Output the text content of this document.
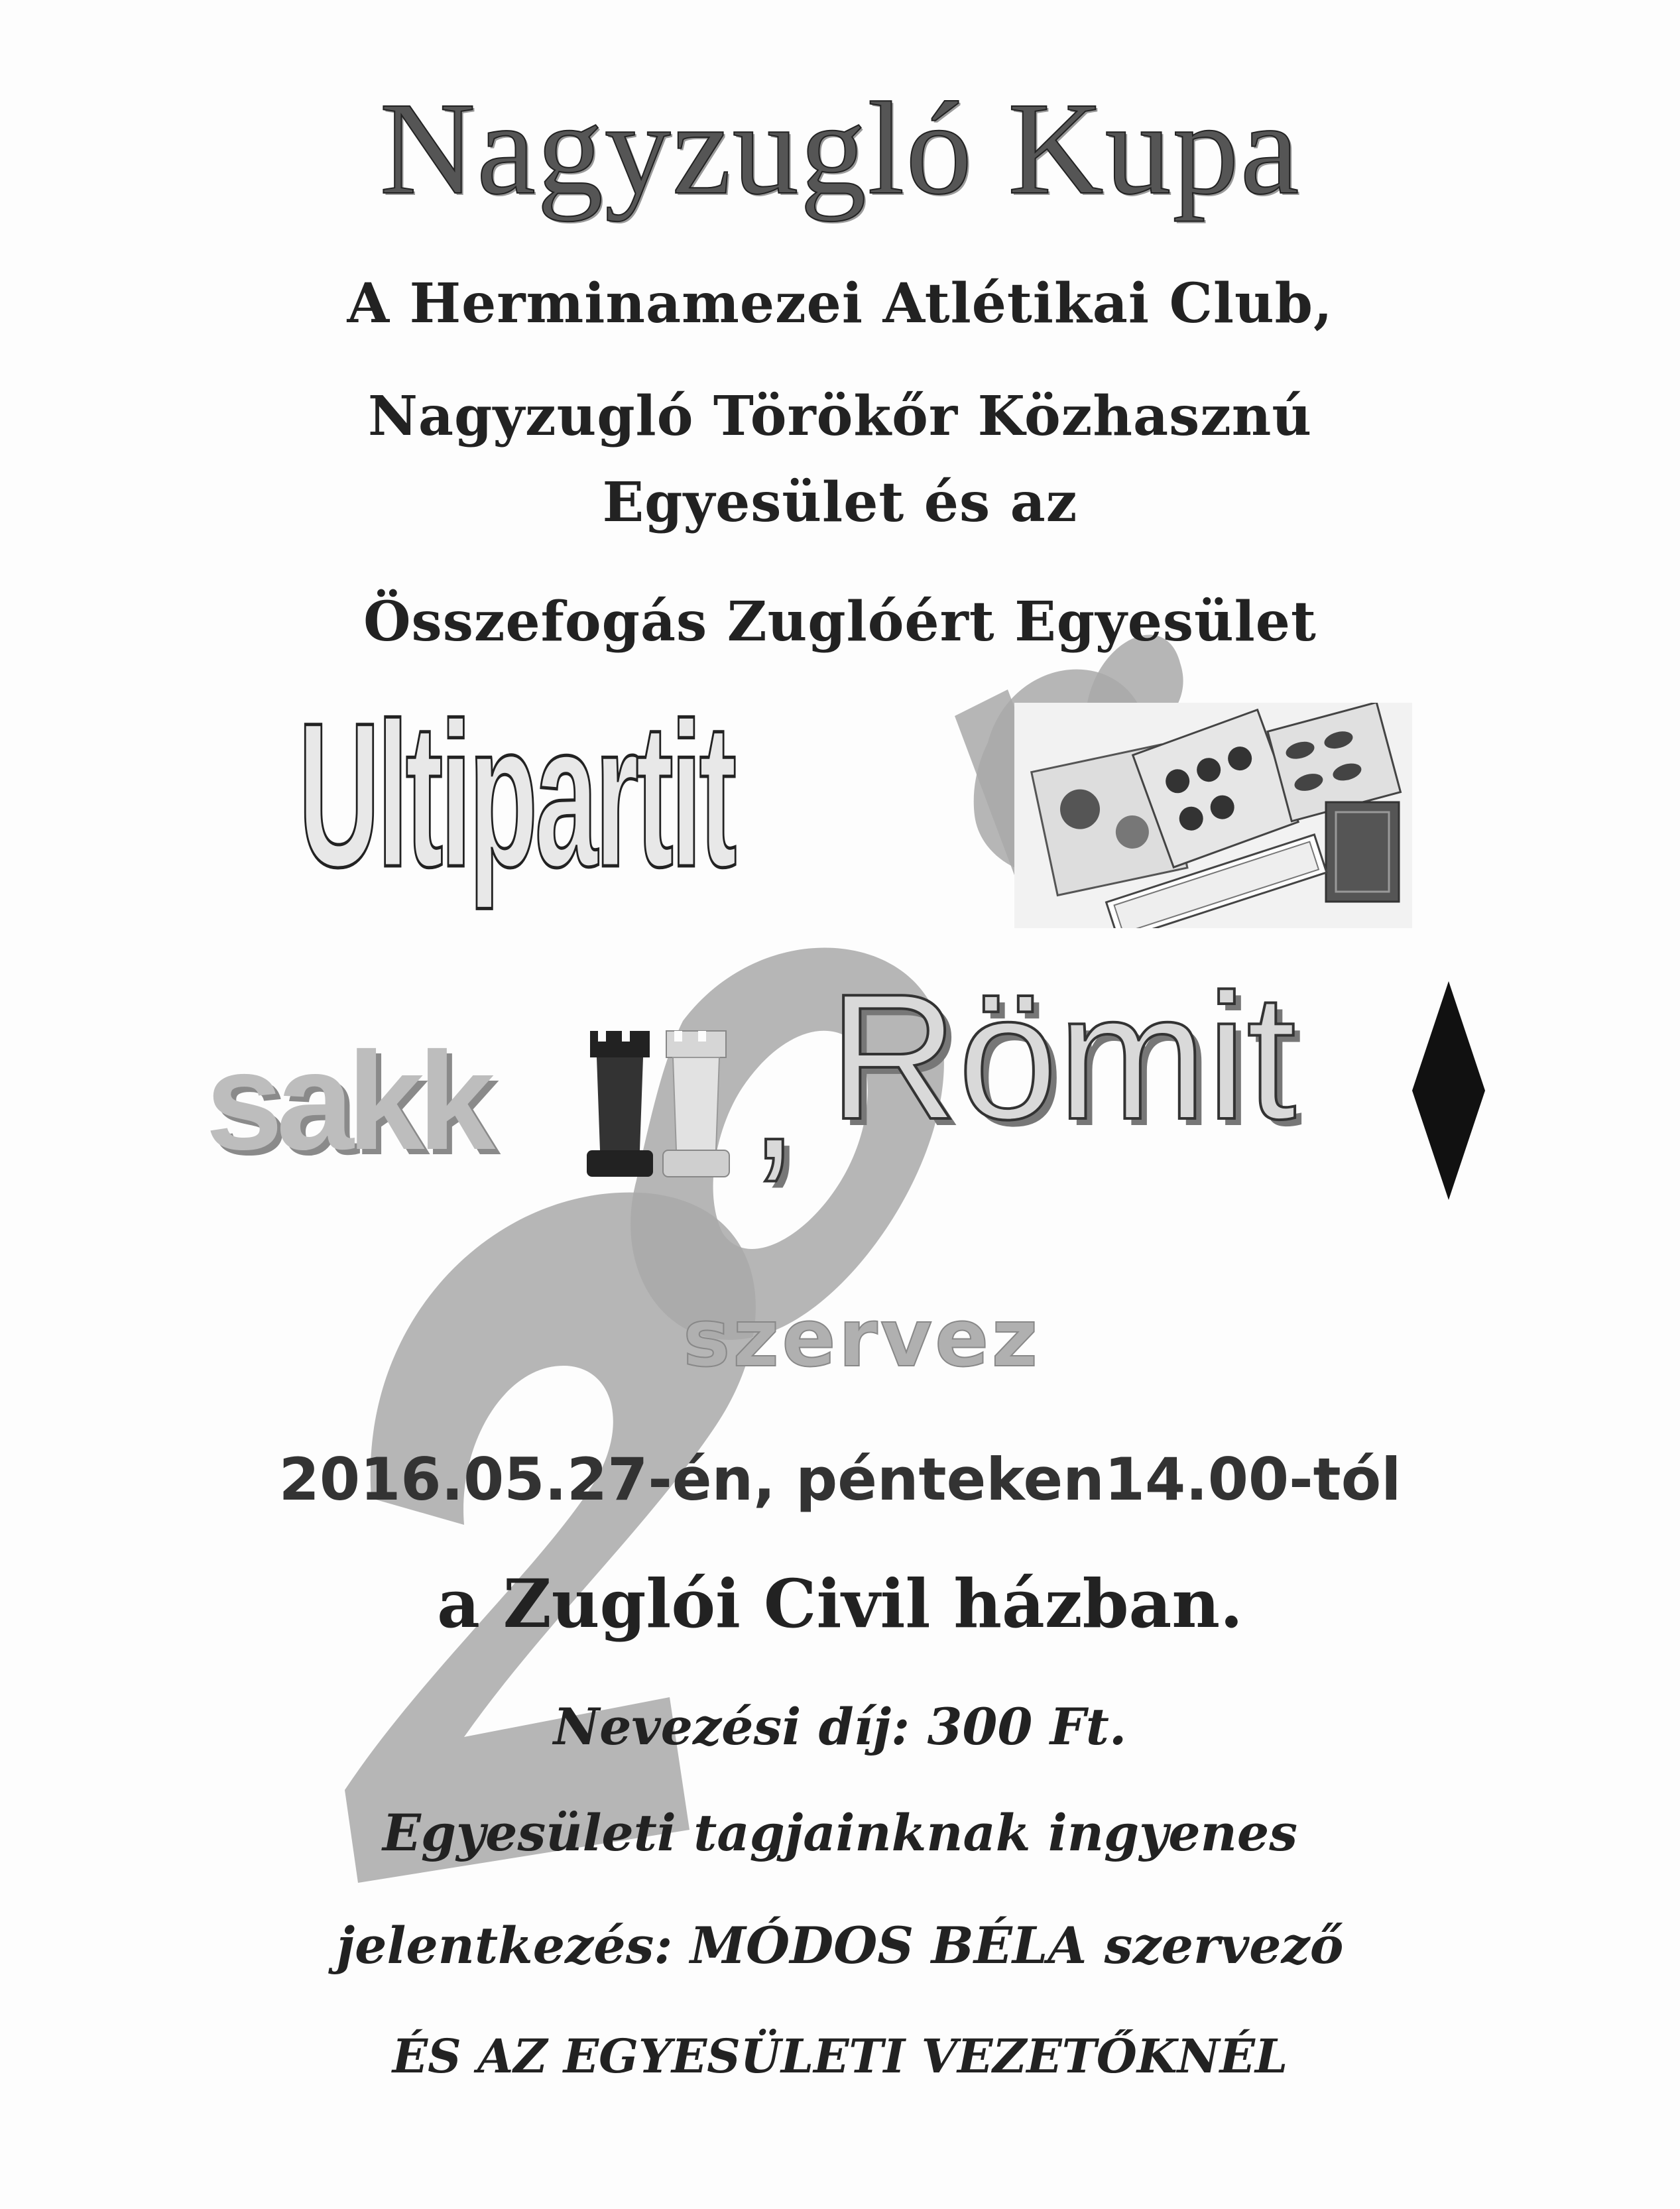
Nagyzugló Kupa
A Herminamezei Atlétikai Club,
Nagyzugló Törökőr Közhasznú
Egyesület és az
Összefogás Zuglóért Egyesület
Ultipartit
sakk , Römit
szervez
2016.05.27-én, pénteken14.00-tól
a Zuglói Civil házban.
Nevezési díj: 300 Ft.
Egyesületi tagjainknak ingyenes
jelentkezés: MÓDOS BÉLA szervező
ÉS AZ EGYESÜLETI VEZETŐKNÉL
